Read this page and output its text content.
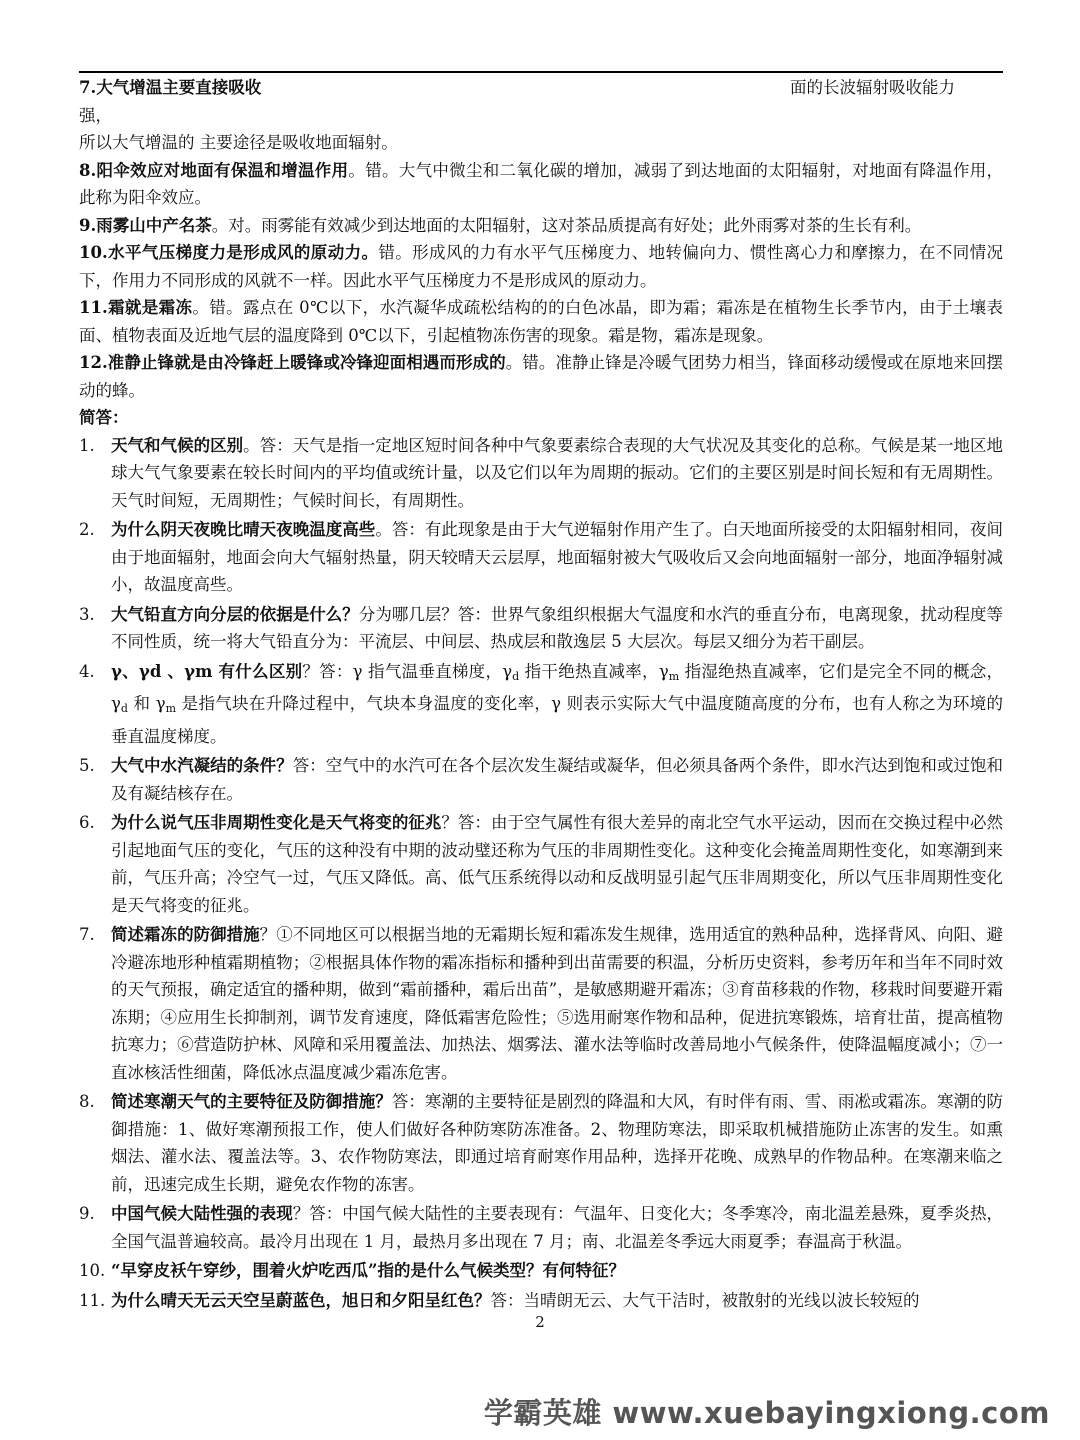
7.大气增温主要直接吸收	面的长波辐射吸收能力

强，

所以大气增温的 主要途径是吸收地面辐射。

8.阳伞效应对地面有保温和增温作用。错。大气中微尘和二氧化碳的增加，减弱了到达地面的太阳辐射，对地面有降温作用，此称为阳伞效应。

9.雨雾山中产名茶。对。雨雾能有效减少到达地面的太阳辐射，这对茶品质提高有好处；此外雨雾对茶的生长有利。

10.水平气压梯度力是形成风的原动力。错。形成风的力有水平气压梯度力、地转偏向力、惯性离心力和摩擦力，在不同情况下，作用力不同形成的风就不一样。因此水平气压梯度力不是形成风的原动力。

11.霜就是霜冻。错。露点在 0℃以下，水汽凝华成疏松结构的的白色冰晶，即为霜；霜冻是在植物生长季节内，由于土壤表面、植物表面及近地气层的温度降到 0℃以下，引起植物冻伤害的现象。霜是物，霜冻是现象。

12.准静止锋就是由冷锋赶上暖锋或冷锋迎面相遇而形成的。错。准静止锋是冷暖气团势力相当，锋面移动缓慢或在原地来回摆动的蜂。

简答：

1. 天气和气候的区别。答：天气是指一定地区短时间各种中气象要素综合表现的大气状况及其变化的总称。气候是某一地区地球大气气象要素在较长时间内的平均值或统计量，以及它们以年为周期的振动。它们的主要区别是时间长短和有无周期性。天气时间短，无周期性；气候时间长，有周期性。
2. 为什么阴天夜晚比晴天夜晚温度高些。答：有此现象是由于大气逆辐射作用产生了。白天地面所接受的太阳辐射相同，夜间由于地面辐射，地面会向大气辐射热量，阴天较晴天云层厚，地面辐射被大气吸收后又会向地面辐射一部分，地面净辐射减小，故温度高些。
3. 大气铅直方向分层的依据是什么？分为哪几层？答：世界气象组织根据大气温度和水汽的垂直分布，电离现象，扰动程度等不同性质，统一将大气铅直分为：平流层、中间层、热成层和散逸层 5 大层次。每层又细分为若干副层。
4. γ、γd 、γm 有什么区别？答：γ 指气温垂直梯度，$\gamma_d$ 指干绝热直减率，$\gamma_m$ 指湿绝热直减率，它们是完全不同的概念，$\gamma_d$ 和 $\gamma_m$ 是指气块在升降过程中，气块本身温度的变化率，γ 则表示实际大气中温度随高度的分布，也有人称之为环境的垂直温度梯度。
5. 大气中水汽凝结的条件？答：空气中的水汽可在各个层次发生凝结或凝华，但必须具备两个条件，即水汽达到饱和或过饱和及有凝结核存在。
6. 为什么说气压非周期性变化是天气将变的征兆？答：由于空气属性有很大差异的南北空气水平运动，因而在交换过程中必然引起地面气压的变化，气压的这种没有中期的波动璧还称为气压的非周期性变化。这种变化会掩盖周期性变化，如寒潮到来前，气压升高；冷空气一过，气压又降低。高、低气压系统得以动和反战明显引起气压非周期变化，所以气压非周期性变化是天气将变的征兆。
7. 简述霜冻的防御措施？①不同地区可以根据当地的无霜期长短和霜冻发生规律，选用适宜的熟种品种，选择背风、向阳、避冷避冻地形种植霜期植物；②根据具体作物的霜冻指标和播种到出苗需要的积温，分析历史资料，参考历年和当年不同时效的天气预报，确定适宜的播种期，做到“霜前播种，霜后出苗”，是敏感期避开霜冻；③育苗移栽的作物，移栽时间要避开霜冻期；④应用生长抑制剂，调节发育速度，降低霜害危险性；⑤选用耐寒作物和品种，促进抗寒锻炼，培育壮苗，提高植物抗寒力；⑥营造防护林、风障和采用覆盖法、加热法、烟雾法、灌水法等临时改善局地小气候条件，使降温幅度减小；⑦一直冰核活性细菌，降低冰点温度减少霜冻危害。
8. 简述寒潮天气的主要特征及防御措施？答：寒潮的主要特征是剧烈的降温和大风，有时伴有雨、雪、雨凇或霜冻。寒潮的防御措施：1、做好寒潮预报工作，使人们做好各种防寒防冻准备。2、物理防寒法，即采取机械措施防止冻害的发生。如熏烟法、灌水法、覆盖法等。3、农作物防寒法，即通过培育耐寒作用品种，选择开花晚、成熟早的作物品种。在寒潮来临之前，迅速完成生长期，避免农作物的冻害。
9. 中国气候大陆性强的表现？答：中国气候大陆性的主要表现有：气温年、日变化大；冬季寒冷，南北温差悬殊，夏季炎热，全国气温普遍较高。最冷月出现在 1 月，最热月多出现在 7 月；南、北温差冬季远大雨夏季；春温高于秋温。
10. “早穿皮袄午穿纱，围着火炉吃西瓜”指的是什么气候类型？有何特征？
11. 为什么晴天无云天空呈蔚蓝色，旭日和夕阳呈红色？答：当晴朗无云、大气干洁时，被散射的光线以波长较短的
2
学霸英雄 www.xuebayingxiong.com
